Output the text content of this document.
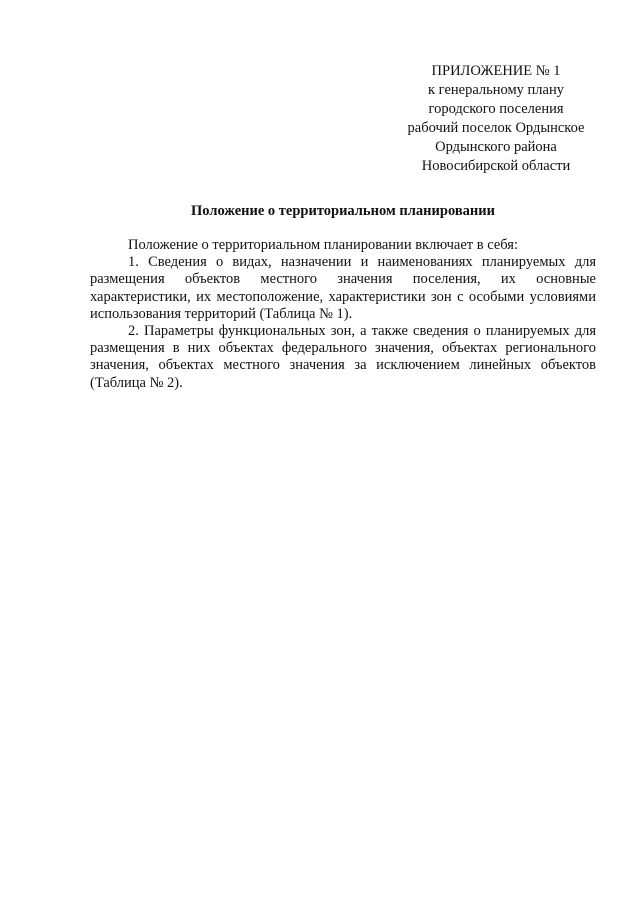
ПРИЛОЖЕНИЕ № 1
к генеральному плану
городского поселения
рабочий поселок Ордынское
Ордынского района
Новосибирской области
Положение о территориальном планировании

Положение о территориальном планировании включает в себя:

1. Сведения о видах, назначении и наименованиях планируемых для размещения объектов местного значения поселения, их основные характеристики, их местоположение, характеристики зон с особыми условиями использования территорий (Таблица № 1).

2. Параметры функциональных зон, а также сведения о планируемых для размещения в них объектах федерального значения, объектах регионального значения, объектах местного значения за исключением линейных объектов (Таблица № 2).
